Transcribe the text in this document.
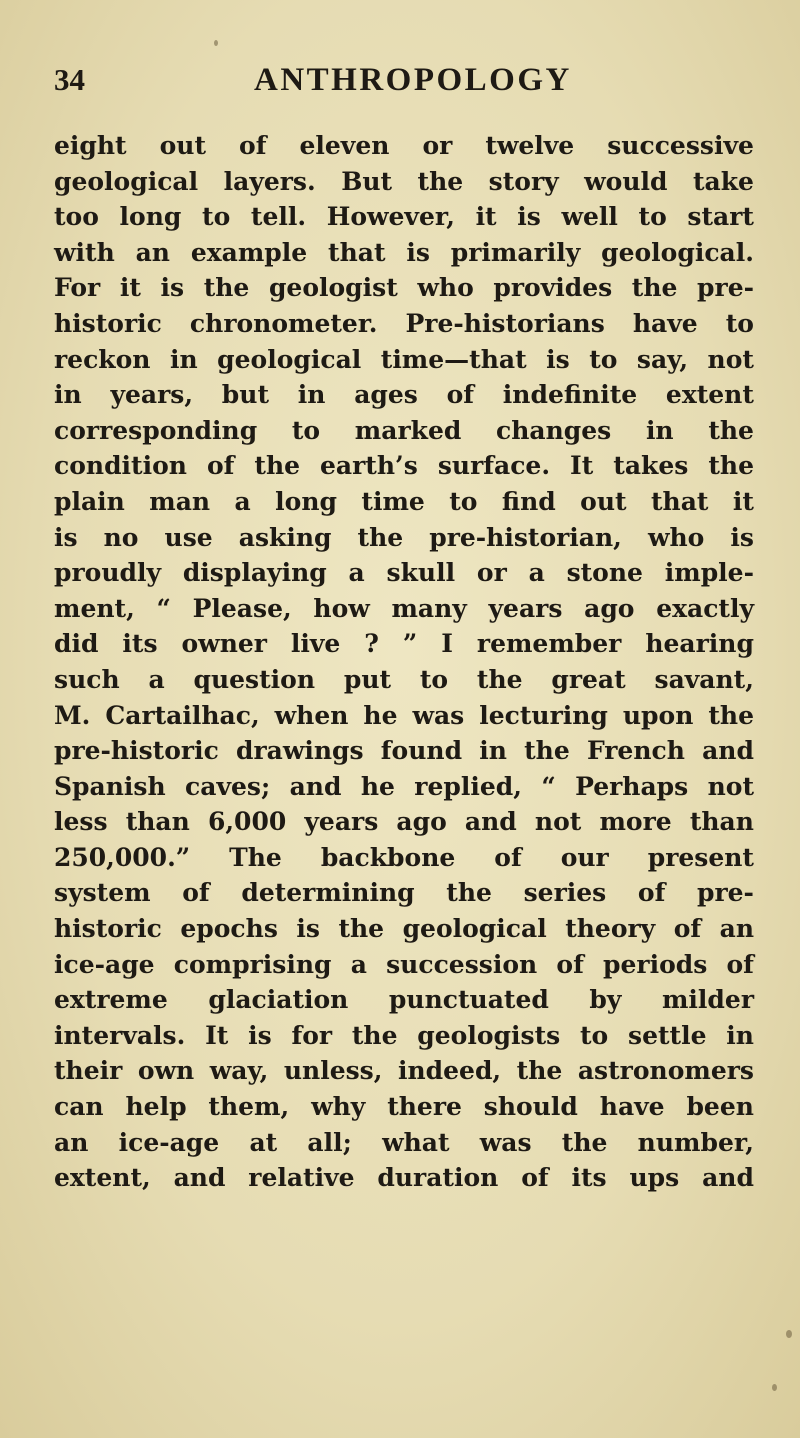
34	ANTHROPOLOGY
eight out of eleven or twelve successive
geological layers. But the story would take
too long to tell. However, it is well to start
with an example that is primarily geological.
For it is the geologist who provides the pre-
historic chronometer. Pre-historians have to
reckon in geological time—that is to say, not
in years, but in ages of indefinite extent
corresponding to marked changes in the
condition of the earth’s surface. It takes the
plain man a long time to find out that it
is no use asking the pre-historian, who is
proudly displaying a skull or a stone imple-
ment, “ Please, how many years ago exactly
did its owner live ? ” I remember hearing
such a question put to the great savant,
M. Cartailhac, when he was lecturing upon the
pre-historic drawings found in the French and
Spanish caves; and he replied, “ Perhaps not
less than 6,000 years ago and not more than
250,000.” The backbone of our present
system of determining the series of pre-
historic epochs is the geological theory of an
ice-age comprising a succession of periods of
extreme glaciation punctuated by milder
intervals. It is for the geologists to settle in
their own way, unless, indeed, the astronomers
can help them, why there should have been
an ice-age at all; what was the number,
extent, and relative duration of its ups and
